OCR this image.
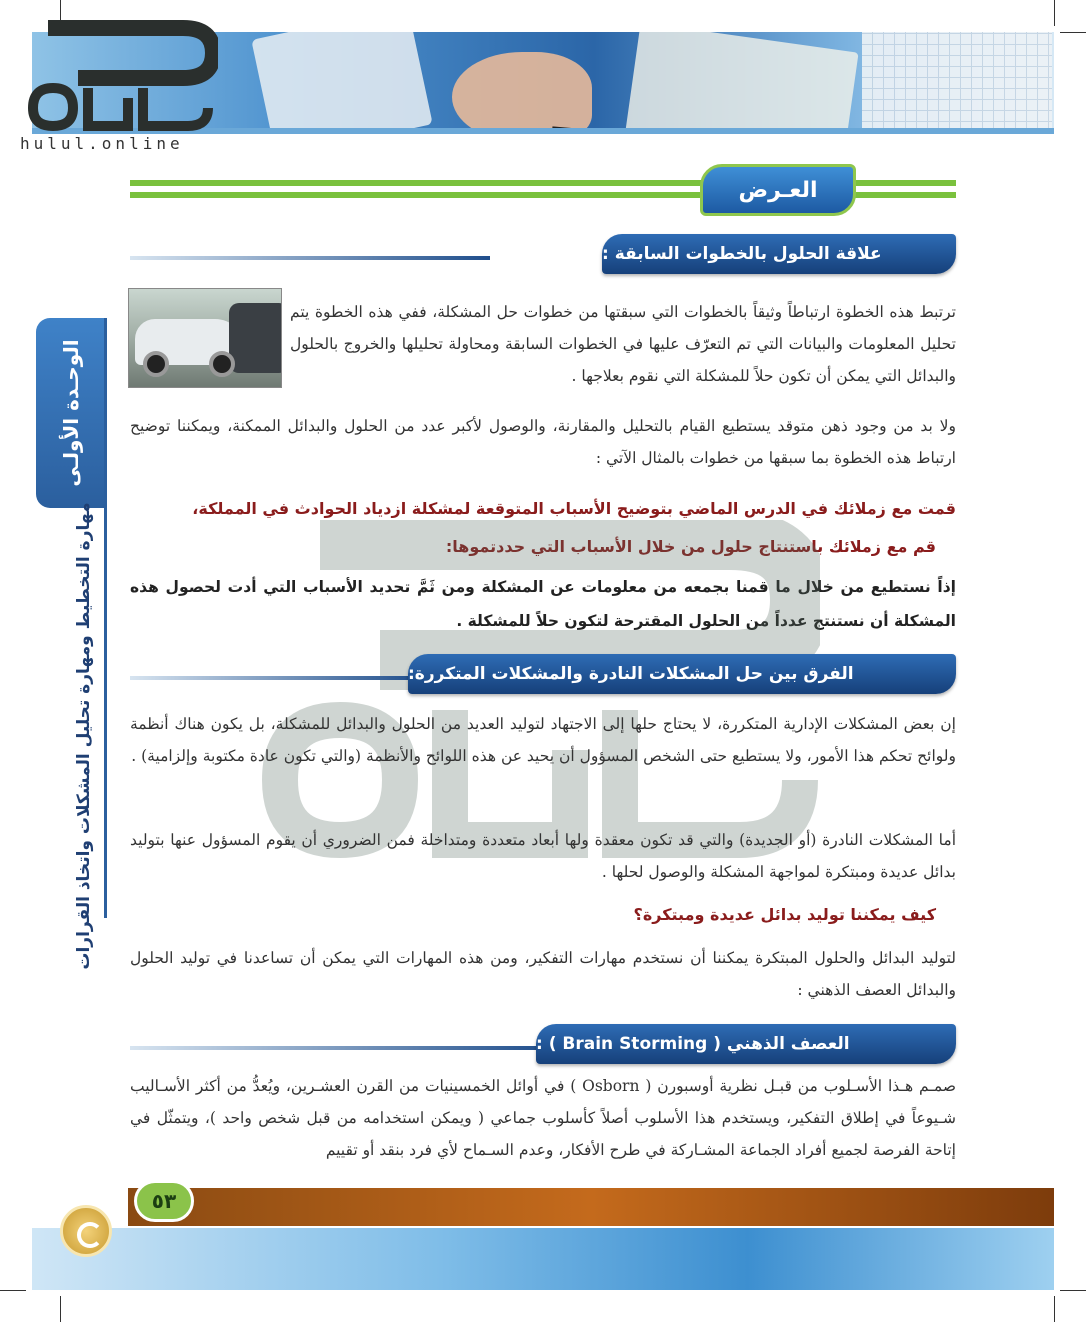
hulul.online
الوحـدة الأولـى
مهارة التخطيط ومهارة تحليل المشكلات واتخاذ القرارات
العـرض
علاقة الحلول بالخطوات السابقة :
ترتبط هذه الخطوة ارتباطاً وثيقاً بالخطوات التي سبقتها من خطوات حل المشكلة، ففي هذه الخطوة يتم تحليل المعلومات والبيانات التي تم التعرّف عليها في الخطوات السابقة ومحاولة تحليلها والخروج بالحلول والبدائل التي يمكن أن تكون حلاً للمشكلة التي نقوم بعلاجها .
ولا بد من وجود ذهن متوقد يستطيع القيام بالتحليل والمقارنة، والوصول لأكبر عدد من الحلول والبدائل الممكنة، ويمكننا توضيح ارتباط هذه الخطوة بما سبقها من خطوات بالمثال الآتي :
قمت مع زملائك في الدرس الماضي بتوضيح الأسباب المتوقعة لمشكلة ازدياد الحوادث في المملكة،
قم مع زملائك باستنتاج حلول من خلال الأسباب التي حددتموها:
إذاً نستطيع من خلال ما قمنا بجمعه من معلومات عن المشكلة ومن ثَمَّ تحديد الأسباب التي أدت لحصول هذه المشكلة أن نستنتج عدداً من الحلول المقترحة لتكون حلاً للمشكلة .
الفرق بين حل المشكلات النادرة والمشكلات المتكررة:
إن بعض المشكلات الإدارية المتكررة، لا يحتاج حلها إلى الاجتهاد لتوليد العديد من الحلول والبدائل للمشكلة، بل يكون هناك أنظمة ولوائح تحكم هذا الأمور، ولا يستطيع حتى الشخص المسؤول أن يحيد عن هذه اللوائح والأنظمة (والتي تكون عادة مكتوبة وإلزامية) .
أما المشكلات النادرة (أو الجديدة) والتي قد تكون معقدة ولها أبعاد متعددة ومتداخلة فمن الضروري أن يقوم المسؤول عنها بتوليد بدائل عديدة ومبتكرة لمواجهة المشكلة والوصول لحلها .
كيف يمكننا توليد بدائل عديدة ومبتكرة؟
لتوليد البدائل والحلول المبتكرة يمكننا أن نستخدم مهارات التفكير، ومن هذه المهارات التي يمكن أن تساعدنا في توليد الحلول والبدائل العصف الذهني :
العصف الذهني ( Brain Storming ) :
صمـم هـذا الأسـلوب من قبـل نظرية أوسبورن ( Osborn ) في أوائل الخمسينيات من القرن العشـرين، ويُعدُّ من أكثر الأسـاليب شـيوعاً في إطلاق التفكير، ويستخدم هذا الأسلوب أصلاً كأسلوب جماعي ( ويمكن استخدامه من قبل شخص واحد )، ويتمثّل في إتاحة الفرصة لجميع أفراد الجماعة المشـاركة في طرح الأفكار، وعدم السـماح لأي فرد بنقد أو تقييم
٥٣
